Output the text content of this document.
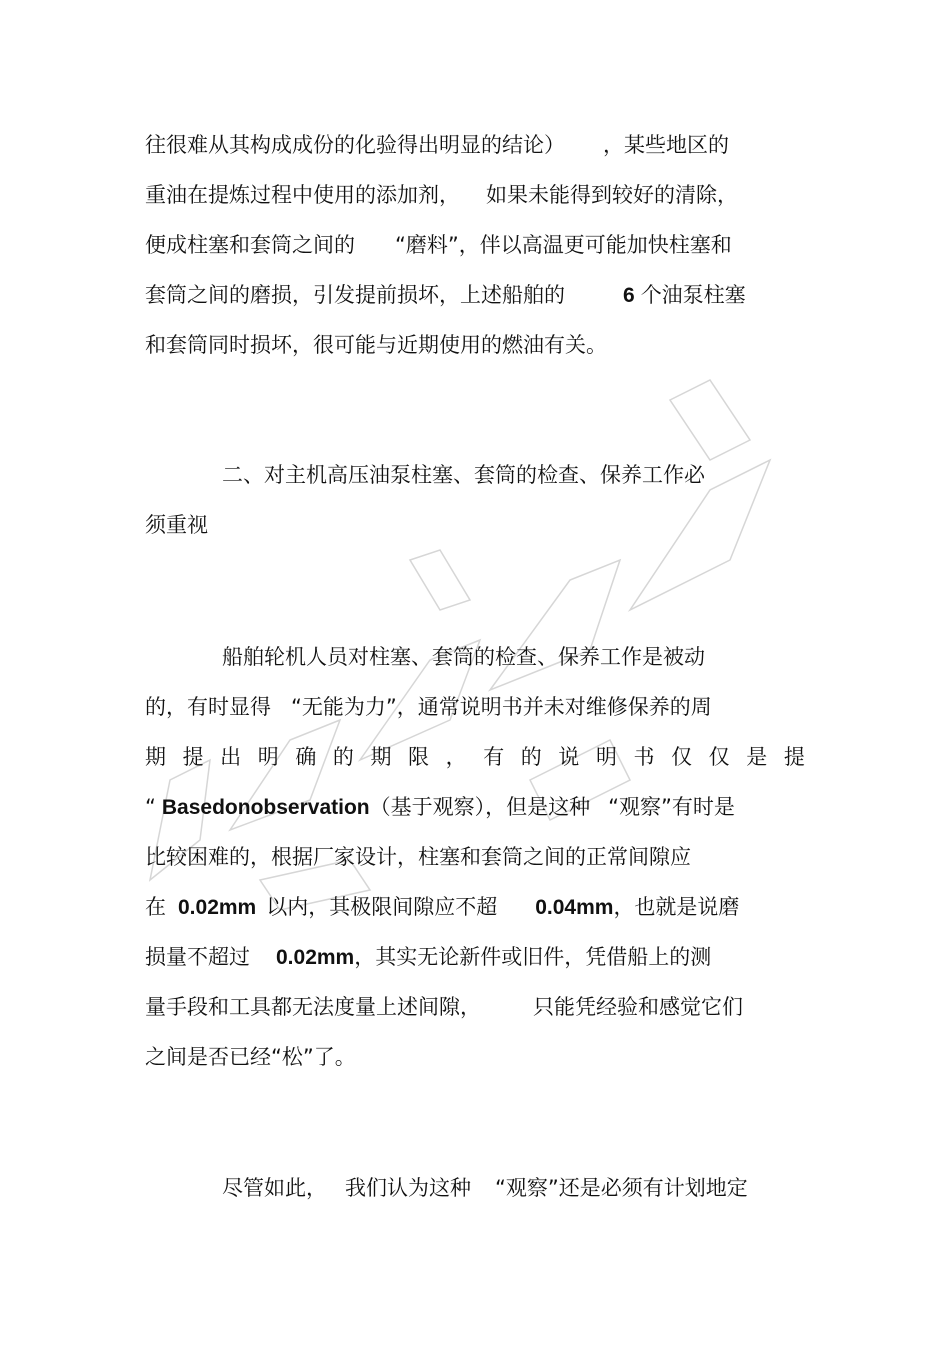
往很难从其构成成份的化验得出明显的结论） ，某些地区的
重油在提炼过程中使用的添加剂， 如果未能得到较好的清除，
便成柱塞和套筒之间的 “磨料”，伴以高温更可能加快柱塞和
套筒之间的磨损，引发提前损坏，上述船舶的	6 个油泵柱塞
和套筒同时损坏，很可能与近期使用的燃油有关。
二、对主机高压油泵柱塞、套筒的检查、保养工作必
须重视
船舶轮机人员对柱塞、套筒的检查、保养工作是被动
的，有时显得 “无能为力”，通常说明书并未对维修保养的周
期 提 出 明 确 的 期 限 ， 有 的 说 明 书 仅 仅 是 提
“ Basedonobservation（基于观察），但是这种 “观察”有时是
比较困难的，根据厂家设计，柱塞和套筒之间的正常间隙应
在 0.02mm 以内，其极限间隙应不超 0.04mm，也就是说磨
损量不超过 0.02mm，其实无论新件或旧件，凭借船上的测
量手段和工具都无法度量上述间隙， 只能凭经验和感觉它们
之间是否已经“松”了。
尽管如此， 我们认为这种 “观察”还是必须有计划地定
